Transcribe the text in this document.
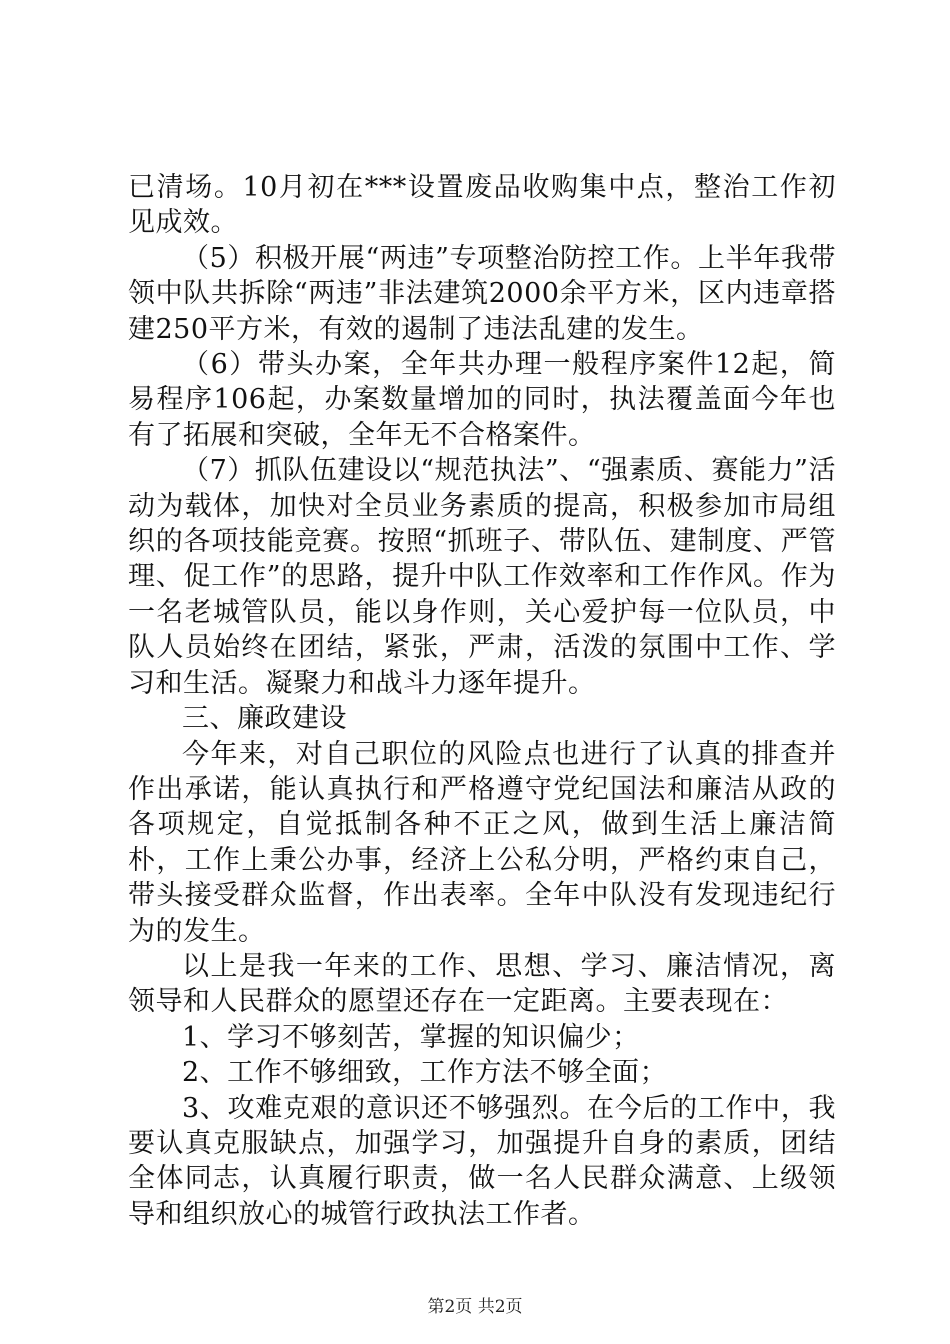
已清场。10月初在***设置废品收购集中点，整治工作初见成效。

（5）积极开展“两违”专项整治防控工作。上半年我带领中队共拆除“两违”非法建筑2000余平方米，区内违章搭建250平方米，有效的遏制了违法乱建的发生。

（6）带头办案，全年共办理一般程序案件12起，简易程序106起，办案数量增加的同时，执法覆盖面今年也有了拓展和突破，全年无不合格案件。

（7）抓队伍建设以“规范执法”、“强素质、赛能力”活动为载体，加快对全员业务素质的提高，积极参加市局组织的各项技能竞赛。按照“抓班子、带队伍、建制度、严管理、促工作”的思路，提升中队工作效率和工作作风。作为一名老城管队员，能以身作则，关心爱护每一位队员，中队人员始终在团结，紧张，严肃，活泼的氛围中工作、学习和生活。凝聚力和战斗力逐年提升。

三、廉政建设

今年来，对自己职位的风险点也进行了认真的排查并作出承诺，能认真执行和严格遵守党纪国法和廉洁从政的各项规定，自觉抵制各种不正之风，做到生活上廉洁简朴，工作上秉公办事，经济上公私分明，严格约束自己，带头接受群众监督，作出表率。全年中队没有发现违纪行为的发生。

以上是我一年来的工作、思想、学习、廉洁情况，离领导和人民群众的愿望还存在一定距离。主要表现在：

1、学习不够刻苦，掌握的知识偏少；

2、工作不够细致，工作方法不够全面；

3、攻难克艰的意识还不够强烈。在今后的工作中，我要认真克服缺点，加强学习，加强提升自身的素质，团结全体同志，认真履行职责，做一名人民群众满意、上级领导和组织放心的城管行政执法工作者。

第2页 共2页
